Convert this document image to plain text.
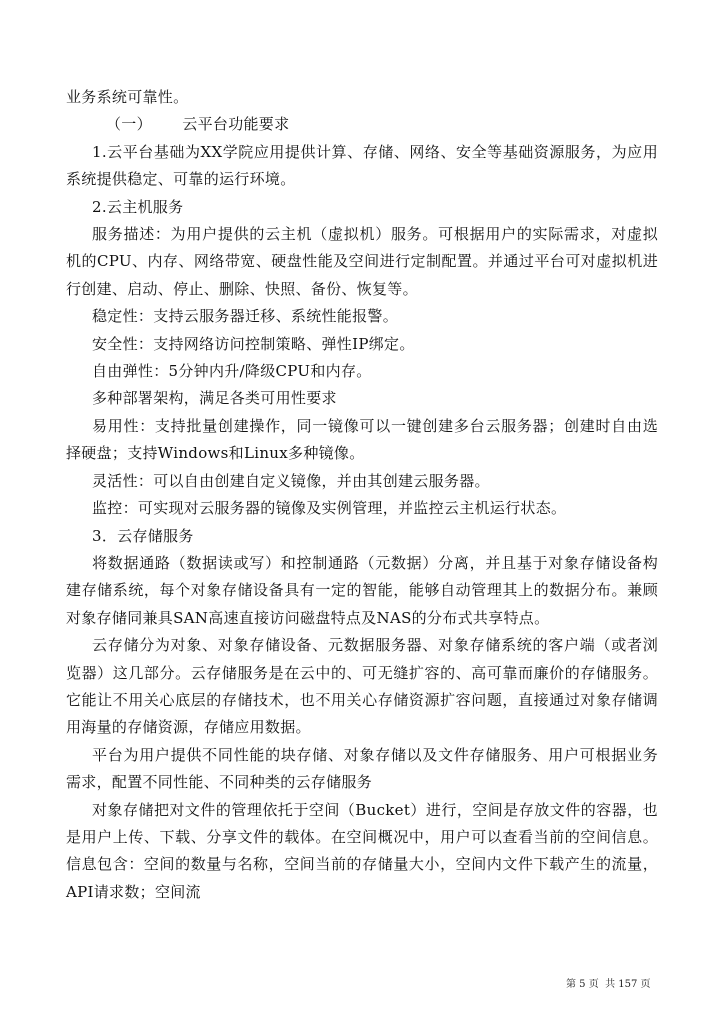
业务系统可靠性。

（一）      云平台功能要求

1.云平台基础为XX学院应用提供计算、存储、网络、安全等基础资源服务，为应用系统提供稳定、可靠的运行环境。

2.云主机服务

服务描述：为用户提供的云主机（虚拟机）服务。可根据用户的实际需求，对虚拟机的CPU、内存、网络带宽、硬盘性能及空间进行定制配置。并通过平台可对虚拟机进行创建、启动、停止、删除、快照、备份、恢复等。

稳定性：支持云服务器迁移、系统性能报警。

安全性：支持网络访问控制策略、弹性IP绑定。

自由弹性：5分钟内升/降级CPU和内存。

多种部署架构，满足各类可用性要求

易用性：支持批量创建操作，同一镜像可以一键创建多台云服务器；创建时自由选择硬盘；支持Windows和Linux多种镜像。

灵活性：可以自由创建自定义镜像，并由其创建云服务器。

监控：可实现对云服务器的镜像及实例管理，并监控云主机运行状态。

3．云存储服务

将数据通路（数据读或写）和控制通路（元数据）分离，并且基于对象存储设备构建存储系统，每个对象存储设备具有一定的智能，能够自动管理其上的数据分布。兼顾对象存储同兼具SAN高速直接访问磁盘特点及NAS的分布式共享特点。

云存储分为对象、对象存储设备、元数据服务器、对象存储系统的客户端（或者浏览器）这几部分。云存储服务是在云中的、可无缝扩容的、高可靠而廉价的存储服务。它能让不用关心底层的存储技术，也不用关心存储资源扩容问题，直接通过对象存储调用海量的存储资源，存储应用数据。

平台为用户提供不同性能的块存储、对象存储以及文件存储服务、用户可根据业务需求，配置不同性能、不同种类的云存储服务

对象存储把对文件的管理依托于空间（Bucket）进行，空间是存放文件的容器，也是用户上传、下载、分享文件的载体。在空间概况中，用户可以查看当前的空间信息。信息包含：空间的数量与名称，空间当前的存储量大小，空间内文件下载产生的流量，API请求数；空间流

第 5 页  共 157 页
